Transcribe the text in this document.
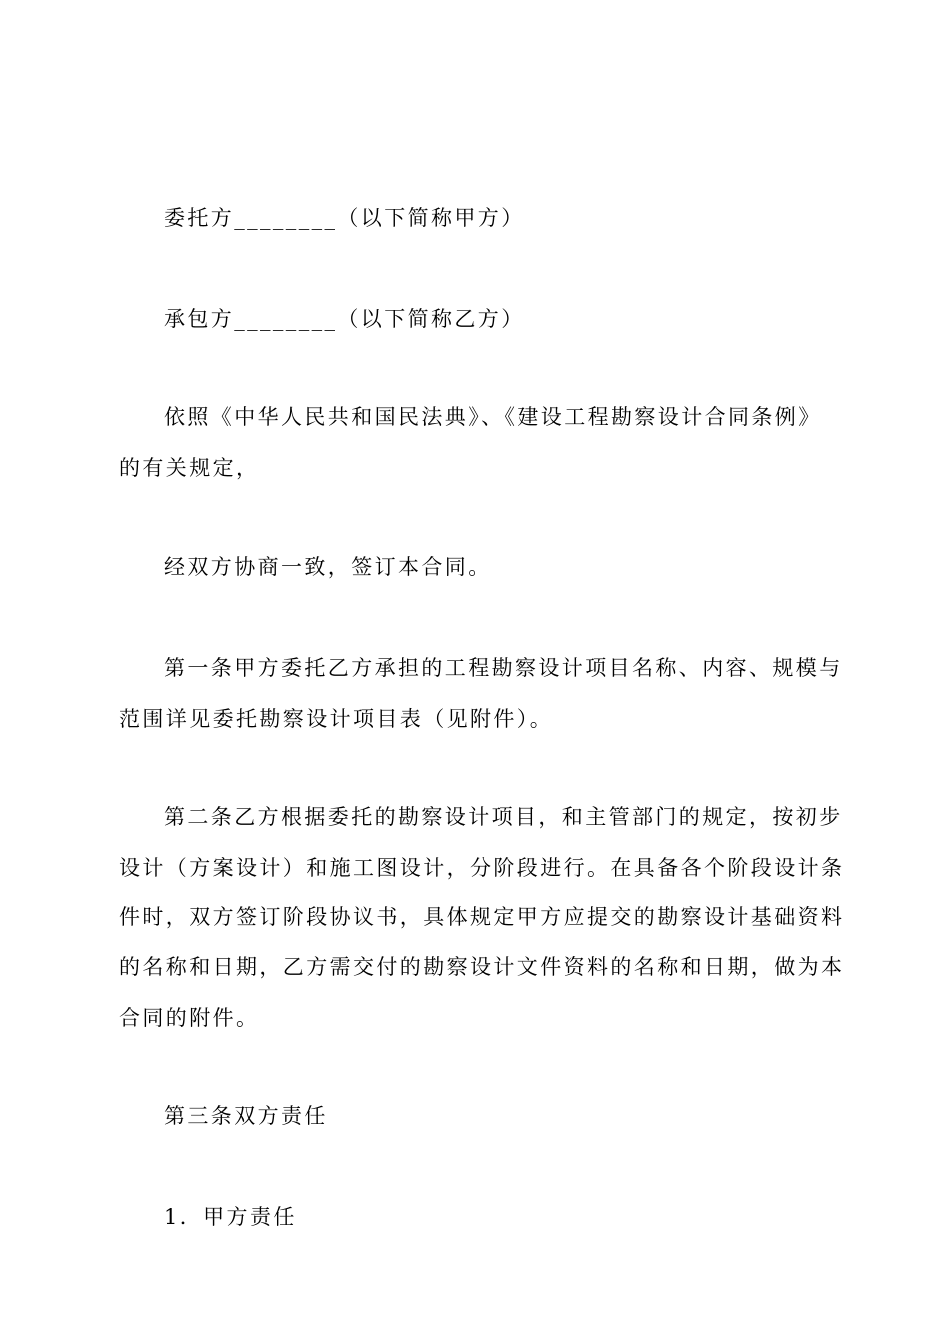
委托方________（以下简称甲方）
承包方________（以下简称乙方）
依照《中华人民共和国民法典》、《建设工程勘察设计合同条例》
的有关规定，
经双方协商一致，签订本合同。
第一条甲方委托乙方承担的工程勘察设计项目名称、内容、规模与
范围详见委托勘察设计项目表（见附件）。
第二条乙方根据委托的勘察设计项目，和主管部门的规定，按初步
设计（方案设计）和施工图设计，分阶段进行。在具备各个阶段设计条
件时，双方签订阶段协议书，具体规定甲方应提交的勘察设计基础资料
的名称和日期，乙方需交付的勘察设计文件资料的名称和日期，做为本
合同的附件。
第三条双方责任
1．甲方责任
